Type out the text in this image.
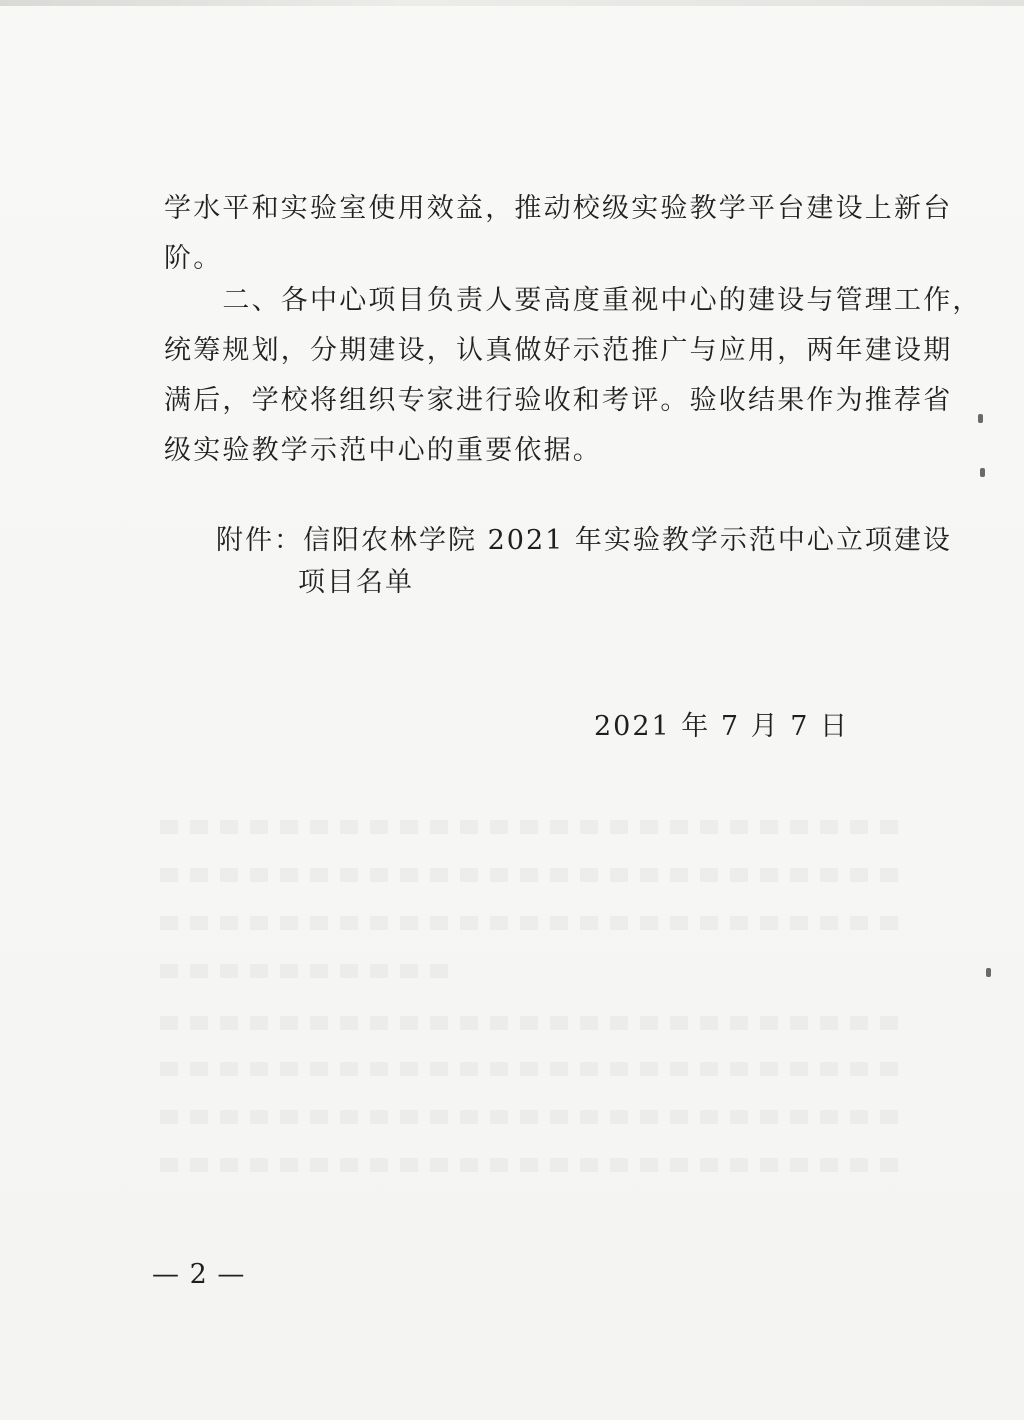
学水平和实验室使用效益，推动校级实验教学平台建设上新台
阶。
　　二、各中心项目负责人要高度重视中心的建设与管理工作，
统筹规划，分期建设，认真做好示范推广与应用，两年建设期
满后，学校将组织专家进行验收和考评。验收结果作为推荐省
级实验教学示范中心的重要依据。
附件：信阳农林学院 2021 年实验教学示范中心立项建设
项目名单
2021 年 7 月 7 日
— 2 —
